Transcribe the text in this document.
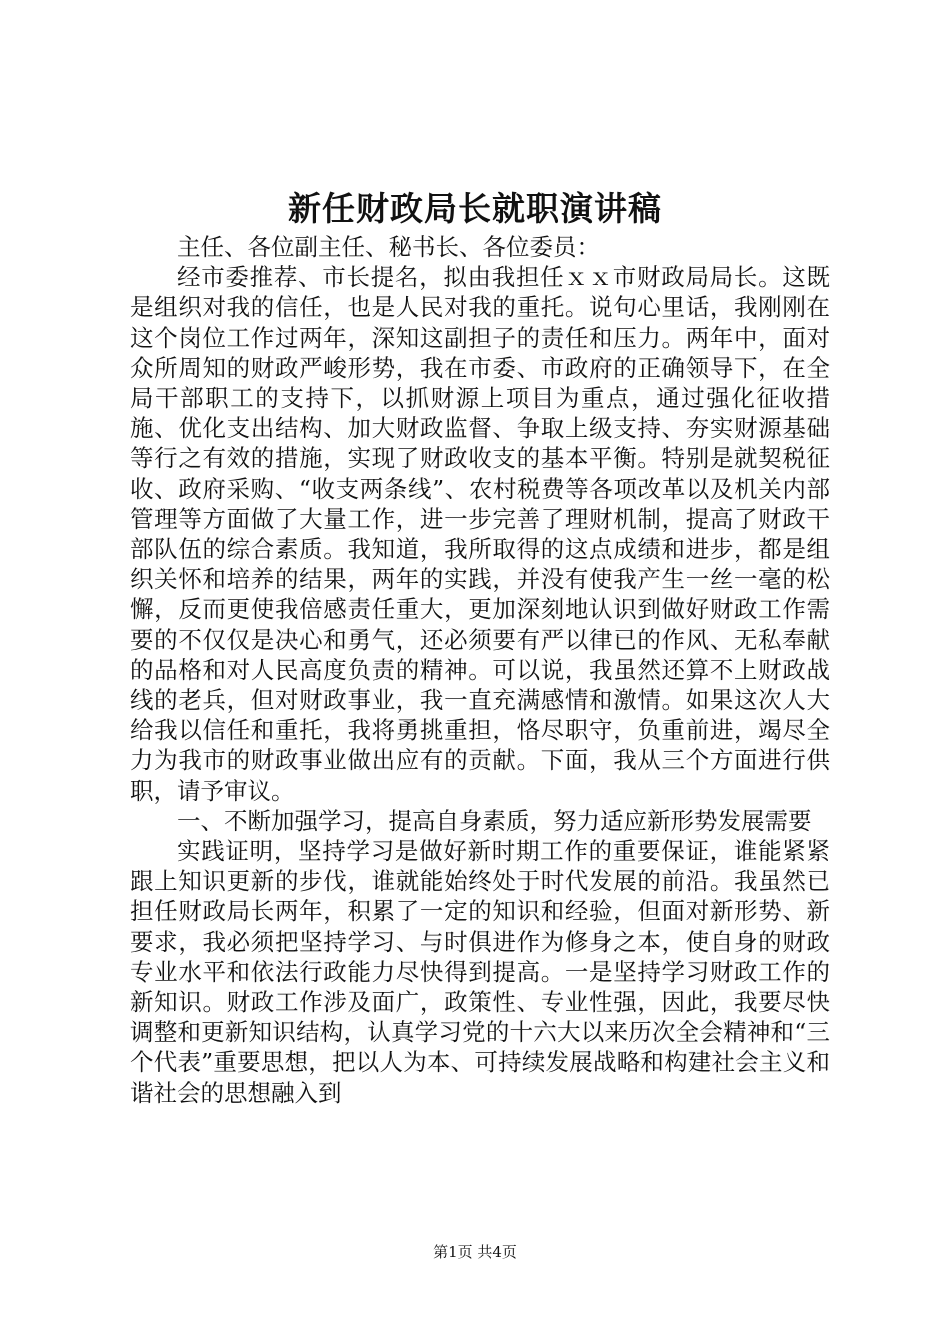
新任财政局长就职演讲稿

主任、各位副主任、秘书长、各位委员：

经市委推荐、市长提名，拟由我担任ｘｘ市财政局局长。这既是组织对我的信任，也是人民对我的重托。说句心里话，我刚刚在这个岗位工作过两年，深知这副担子的责任和压力。两年中，面对众所周知的财政严峻形势，我在市委、市政府的正确领导下，在全局干部职工的支持下，以抓财源上项目为重点，通过强化征收措施、优化支出结构、加大财政监督、争取上级支持、夯实财源基础等行之有效的措施，实现了财政收支的基本平衡。特别是就契税征收、政府采购、“收支两条线”、农村税费等各项改革以及机关内部管理等方面做了大量工作，进一步完善了理财机制，提高了财政干部队伍的综合素质。我知道，我所取得的这点成绩和进步，都是组织关怀和培养的结果，两年的实践，并没有使我产生一丝一毫的松懈，反而更使我倍感责任重大，更加深刻地认识到做好财政工作需要的不仅仅是决心和勇气，还必须要有严以律已的作风、无私奉献的品格和对人民高度负责的精神。可以说，我虽然还算不上财政战线的老兵，但对财政事业，我一直充满感情和激情。如果这次人大给我以信任和重托，我将勇挑重担，恪尽职守，负重前进，竭尽全力为我市的财政事业做出应有的贡献。下面，我从三个方面进行供职，请予审议。

一、不断加强学习，提高自身素质，努力适应新形势发展需要

实践证明，坚持学习是做好新时期工作的重要保证，谁能紧紧跟上知识更新的步伐，谁就能始终处于时代发展的前沿。我虽然已担任财政局长两年，积累了一定的知识和经验，但面对新形势、新要求，我必须把坚持学习、与时俱进作为修身之本，使自身的财政专业水平和依法行政能力尽快得到提高。一是坚持学习财政工作的新知识。财政工作涉及面广，政策性、专业性强，因此，我要尽快调整和更新知识结构，认真学习党的十六大以来历次全会精神和“三个代表”重要思想，把以人为本、可持续发展战略和构建社会主义和谐社会的思想融入到

第1页 共4页
